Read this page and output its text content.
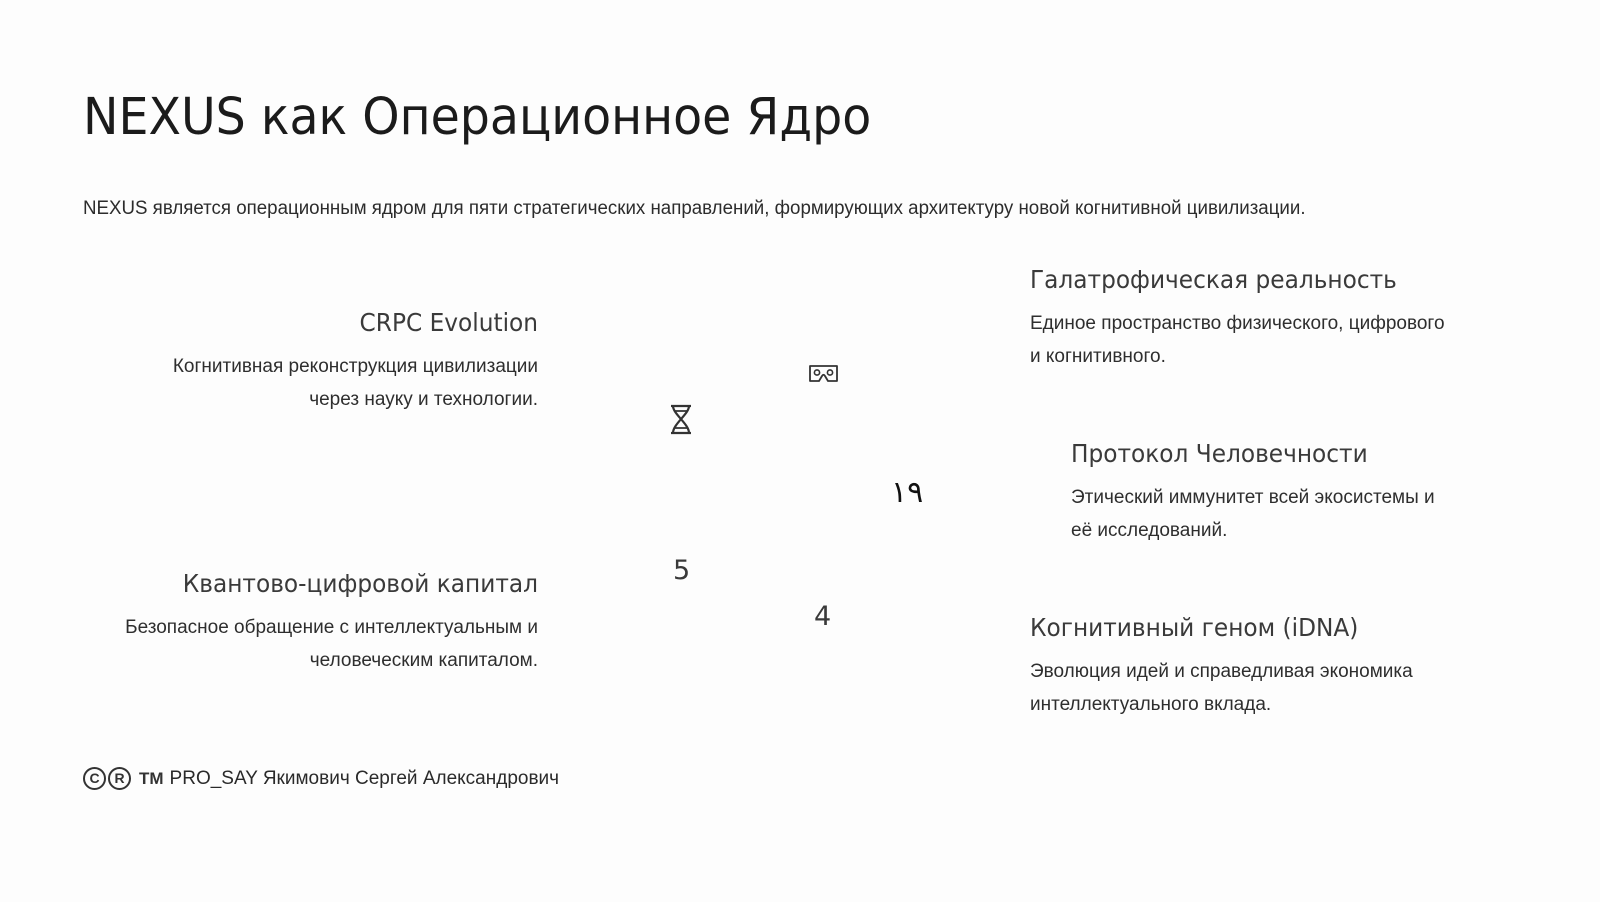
NEXUS как Операционное Ядро

NEXUS является операционным ядром для пяти стратегических направлений, формирующих архитектуру новой когнитивной цивилизации.

CRPC Evolution

Когнитивная реконструкция цивилизации
через науку и технологии.

Квантово-цифровой капитал

Безопасное обращение с интеллектуальным и
человеческим капиталом.

Галатрофическая реальность

Единое пространство физического, цифрового
и когнитивного.

Протокол Человечности

Этический иммунитет всей экосистемы и
её исследований.

Когнитивный геном (iDNA)

Эволюция идей и справедливая экономика
интеллектуального вклада.

١٩
5
4
C	R TM PRO_SAY Якимович Сергей Александрович
